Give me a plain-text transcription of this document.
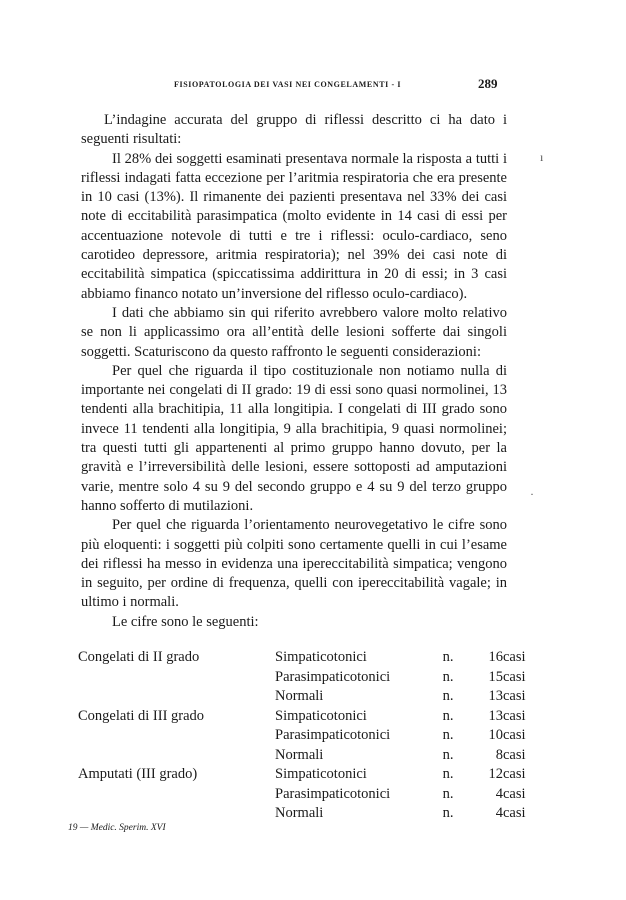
FISIOPATOLOGIA DEI VASI NEI CONGELAMENTI - I	289

L’indagine accurata del gruppo di riflessi descritto ci ha dato i seguenti risultati:

Il 28% dei soggetti esaminati presentava normale la risposta a tutti i riflessi indagati fatta eccezione per l’aritmia respiratoria che era presente in 10 casi (13%). Il rimanente dei pazienti presentava nel 33% dei casi note di eccitabilità parasimpatica (molto evidente in 14 casi di essi per accentuazione notevole di tutti e tre i riflessi: oculo-cardiaco, seno carotideo depressore, aritmia respiratoria); nel 39% dei casi note di eccitabilità simpatica (spiccatissima addirittura in 20 di essi; in 3 casi abbiamo financo notato un’inversione del riflesso oculo-cardiaco).

I dati che abbiamo sin qui riferito avrebbero valore molto relativo se non li applicassimo ora all’entità delle lesioni sofferte dai singoli soggetti. Scaturiscono da questo raffronto le seguenti considerazioni:

Per quel che riguarda il tipo costituzionale non notiamo nulla di importante nei congelati di II grado: 19 di essi sono quasi normolinei, 13 tendenti alla brachitipia, 11 alla longitipia. I congelati di III grado sono invece 11 tendenti alla longitipia, 9 alla brachitipia, 9 quasi normolinei; tra questi tutti gli appartenenti al primo gruppo hanno dovuto, per la gravità e l’irreversibilità delle lesioni, essere sottoposti ad amputazioni varie, mentre solo 4 su 9 del secondo gruppo e 4 su 9 del terzo gruppo hanno sofferto di mutilazioni.

Per quel che riguarda l’orientamento neurovegetativo le cifre sono più eloquenti: i soggetti più colpiti sono certamente quelli in cui l’esame dei riflessi ha messo in evidenza una ipereccitabilità simpatica; vengono in seguito, per ordine di frequenza, quelli con ipereccitabilità vagale; in ultimo i normali.

Le cifre sono le seguenti:

Congelati di II grado	Simpaticotonici	n.	16	casi
	Parasimpaticotonici	n.	15	casi
	Normali	n.	13	casi
Congelati di III grado	Simpaticotonici	n.	13	casi
	Parasimpaticotonici	n.	10	casi
	Normali	n.	8	casi
Amputati (III grado)	Simpaticotonici	n.	12	casi
	Parasimpaticotonici	n.	4	casi
	Normali	n.	4	casi
19 — Medic. Sperim. XVI
ı
·
